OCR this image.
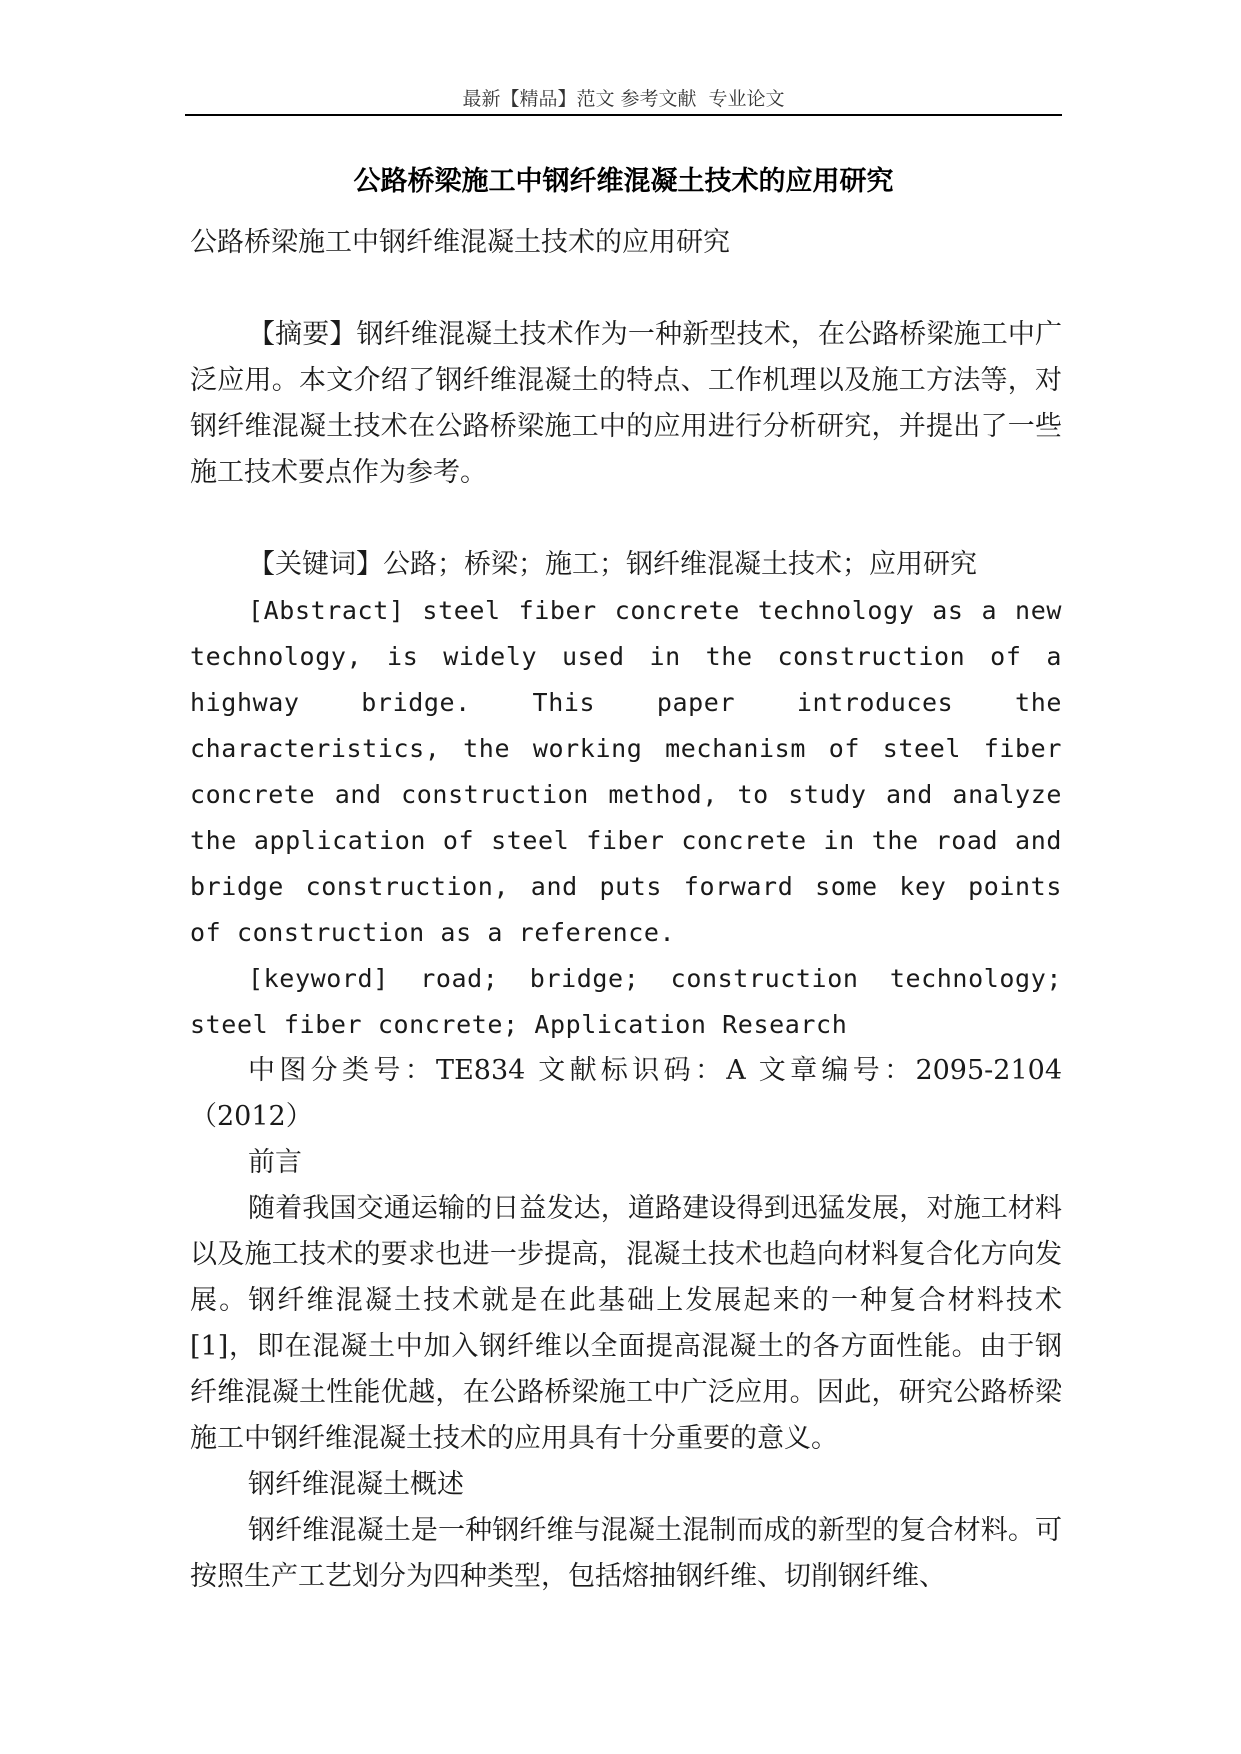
最新【精品】范文 参考文献  专业论文
公路桥梁施工中钢纤维混凝土技术的应用研究

公路桥梁施工中钢纤维混凝土技术的应用研究

【摘要】钢纤维混凝土技术作为一种新型技术，在公路桥梁施工中广泛应用。本文介绍了钢纤维混凝土的特点、工作机理以及施工方法等，对钢纤维混凝土技术在公路桥梁施工中的应用进行分析研究，并提出了一些施工技术要点作为参考。

【关键词】公路；桥梁；施工；钢纤维混凝土技术；应用研究

[Abstract] steel fiber concrete technology as a new technology, is widely used in the construction of a highway bridge. This paper introduces the characteristics, the working mechanism of steel fiber concrete and construction method, to study and analyze the application of steel fiber concrete in the road and bridge construction, and puts forward some key points of construction as a reference.

[keyword] road; bridge; construction technology; steel fiber concrete; Application Research

中图分类号：TE834 文献标识码：A 文章编号：2095-2104（2012）

前言

随着我国交通运输的日益发达，道路建设得到迅猛发展，对施工材料以及施工技术的要求也进一步提高，混凝土技术也趋向材料复合化方向发展。钢纤维混凝土技术就是在此基础上发展起来的一种复合材料技术[1]，即在混凝土中加入钢纤维以全面提高混凝土的各方面性能。由于钢纤维混凝土性能优越，在公路桥梁施工中广泛应用。因此，研究公路桥梁施工中钢纤维混凝土技术的应用具有十分重要的意义。

钢纤维混凝土概述

钢纤维混凝土是一种钢纤维与混凝土混制而成的新型的复合材料。可按照生产工艺划分为四种类型，包括熔抽钢纤维、切削钢纤维、
